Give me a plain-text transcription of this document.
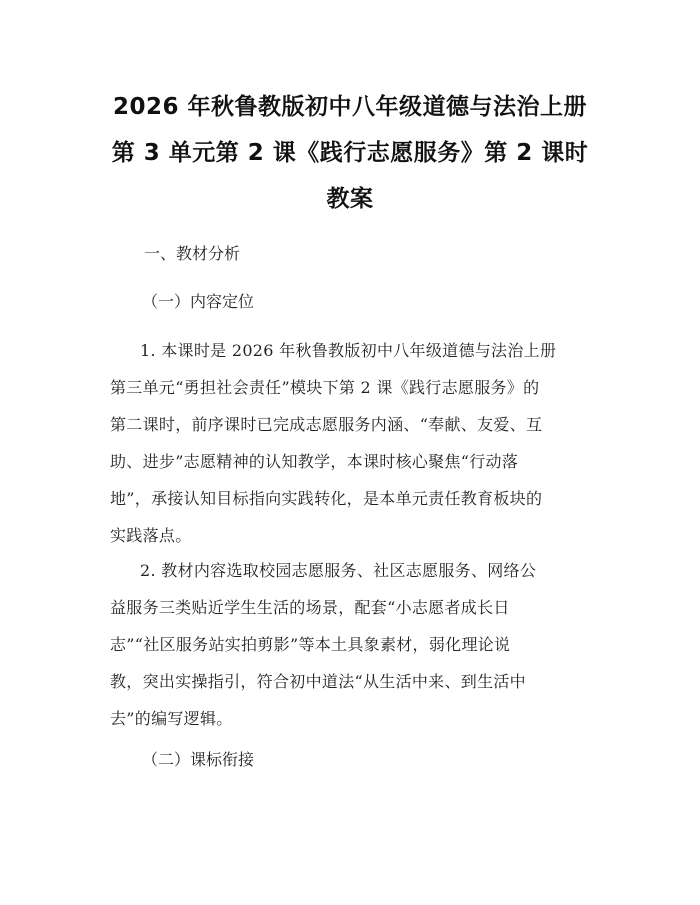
2026 年秋鲁教版初中八年级道德与法治上册
第 3 单元第 2 课《践行志愿服务》第 2 课时
教案
一、教材分析
（一）内容定位
1. 本课时是 2026 年秋鲁教版初中八年级道德与法治上册
第三单元“勇担社会责任”模块下第 2 课《践行志愿服务》的
第二课时，前序课时已完成志愿服务内涵、“奉献、友爱、互
助、进步”志愿精神的认知教学，本课时核心聚焦“行动落
地”，承接认知目标指向实践转化，是本单元责任教育板块的
实践落点。
2. 教材内容选取校园志愿服务、社区志愿服务、网络公
益服务三类贴近学生生活的场景，配套“小志愿者成长日
志”“社区服务站实拍剪影”等本土具象素材，弱化理论说
教，突出实操指引，符合初中道法“从生活中来、到生活中
去”的编写逻辑。
（二）课标衔接
